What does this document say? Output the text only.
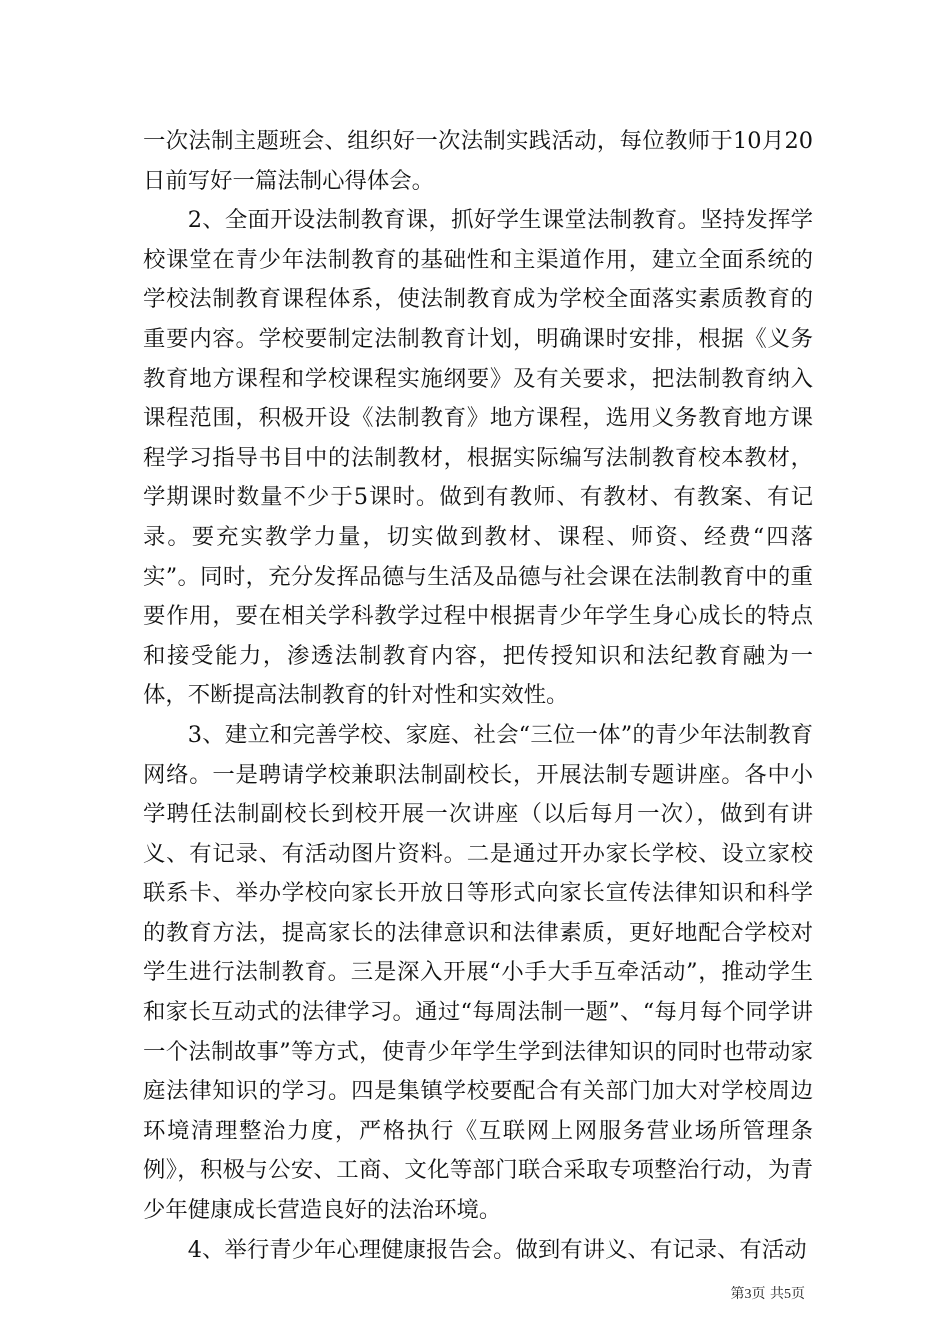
一次法制主题班会、组织好一次法制实践活动，每位教师于10月20日前写好一篇法制心得体会。

2、全面开设法制教育课，抓好学生课堂法制教育。坚持发挥学校课堂在青少年法制教育的基础性和主渠道作用，建立全面系统的学校法制教育课程体系，使法制教育成为学校全面落实素质教育的重要内容。学校要制定法制教育计划，明确课时安排，根据《义务教育地方课程和学校课程实施纲要》及有关要求，把法制教育纳入课程范围，积极开设《法制教育》地方课程，选用义务教育地方课程学习指导书目中的法制教材，根据实际编写法制教育校本教材，学期课时数量不少于5课时。做到有教师、有教材、有教案、有记录。要充实教学力量，切实做到教材、课程、师资、经费“四落实”。同时，充分发挥品德与生活及品德与社会课在法制教育中的重要作用，要在相关学科教学过程中根据青少年学生身心成长的特点和接受能力，渗透法制教育内容，把传授知识和法纪教育融为一体，不断提高法制教育的针对性和实效性。

3、建立和完善学校、家庭、社会“三位一体”的青少年法制教育网络。一是聘请学校兼职法制副校长，开展法制专题讲座。各中小学聘任法制副校长到校开展一次讲座（以后每月一次），做到有讲义、有记录、有活动图片资料。二是通过开办家长学校、设立家校联系卡、举办学校向家长开放日等形式向家长宣传法律知识和科学的教育方法，提高家长的法律意识和法律素质，更好地配合学校对学生进行法制教育。三是深入开展“小手大手互牵活动”，推动学生和家长互动式的法律学习。通过“每周法制一题”、“每月每个同学讲一个法制故事”等方式，使青少年学生学到法律知识的同时也带动家庭法律知识的学习。四是集镇学校要配合有关部门加大对学校周边环境清理整治力度，严格执行《互联网上网服务营业场所管理条例》，积极与公安、工商、文化等部门联合采取专项整治行动，为青少年健康成长营造良好的法治环境。

4、举行青少年心理健康报告会。做到有讲义、有记录、有活动

第3页 共5页
